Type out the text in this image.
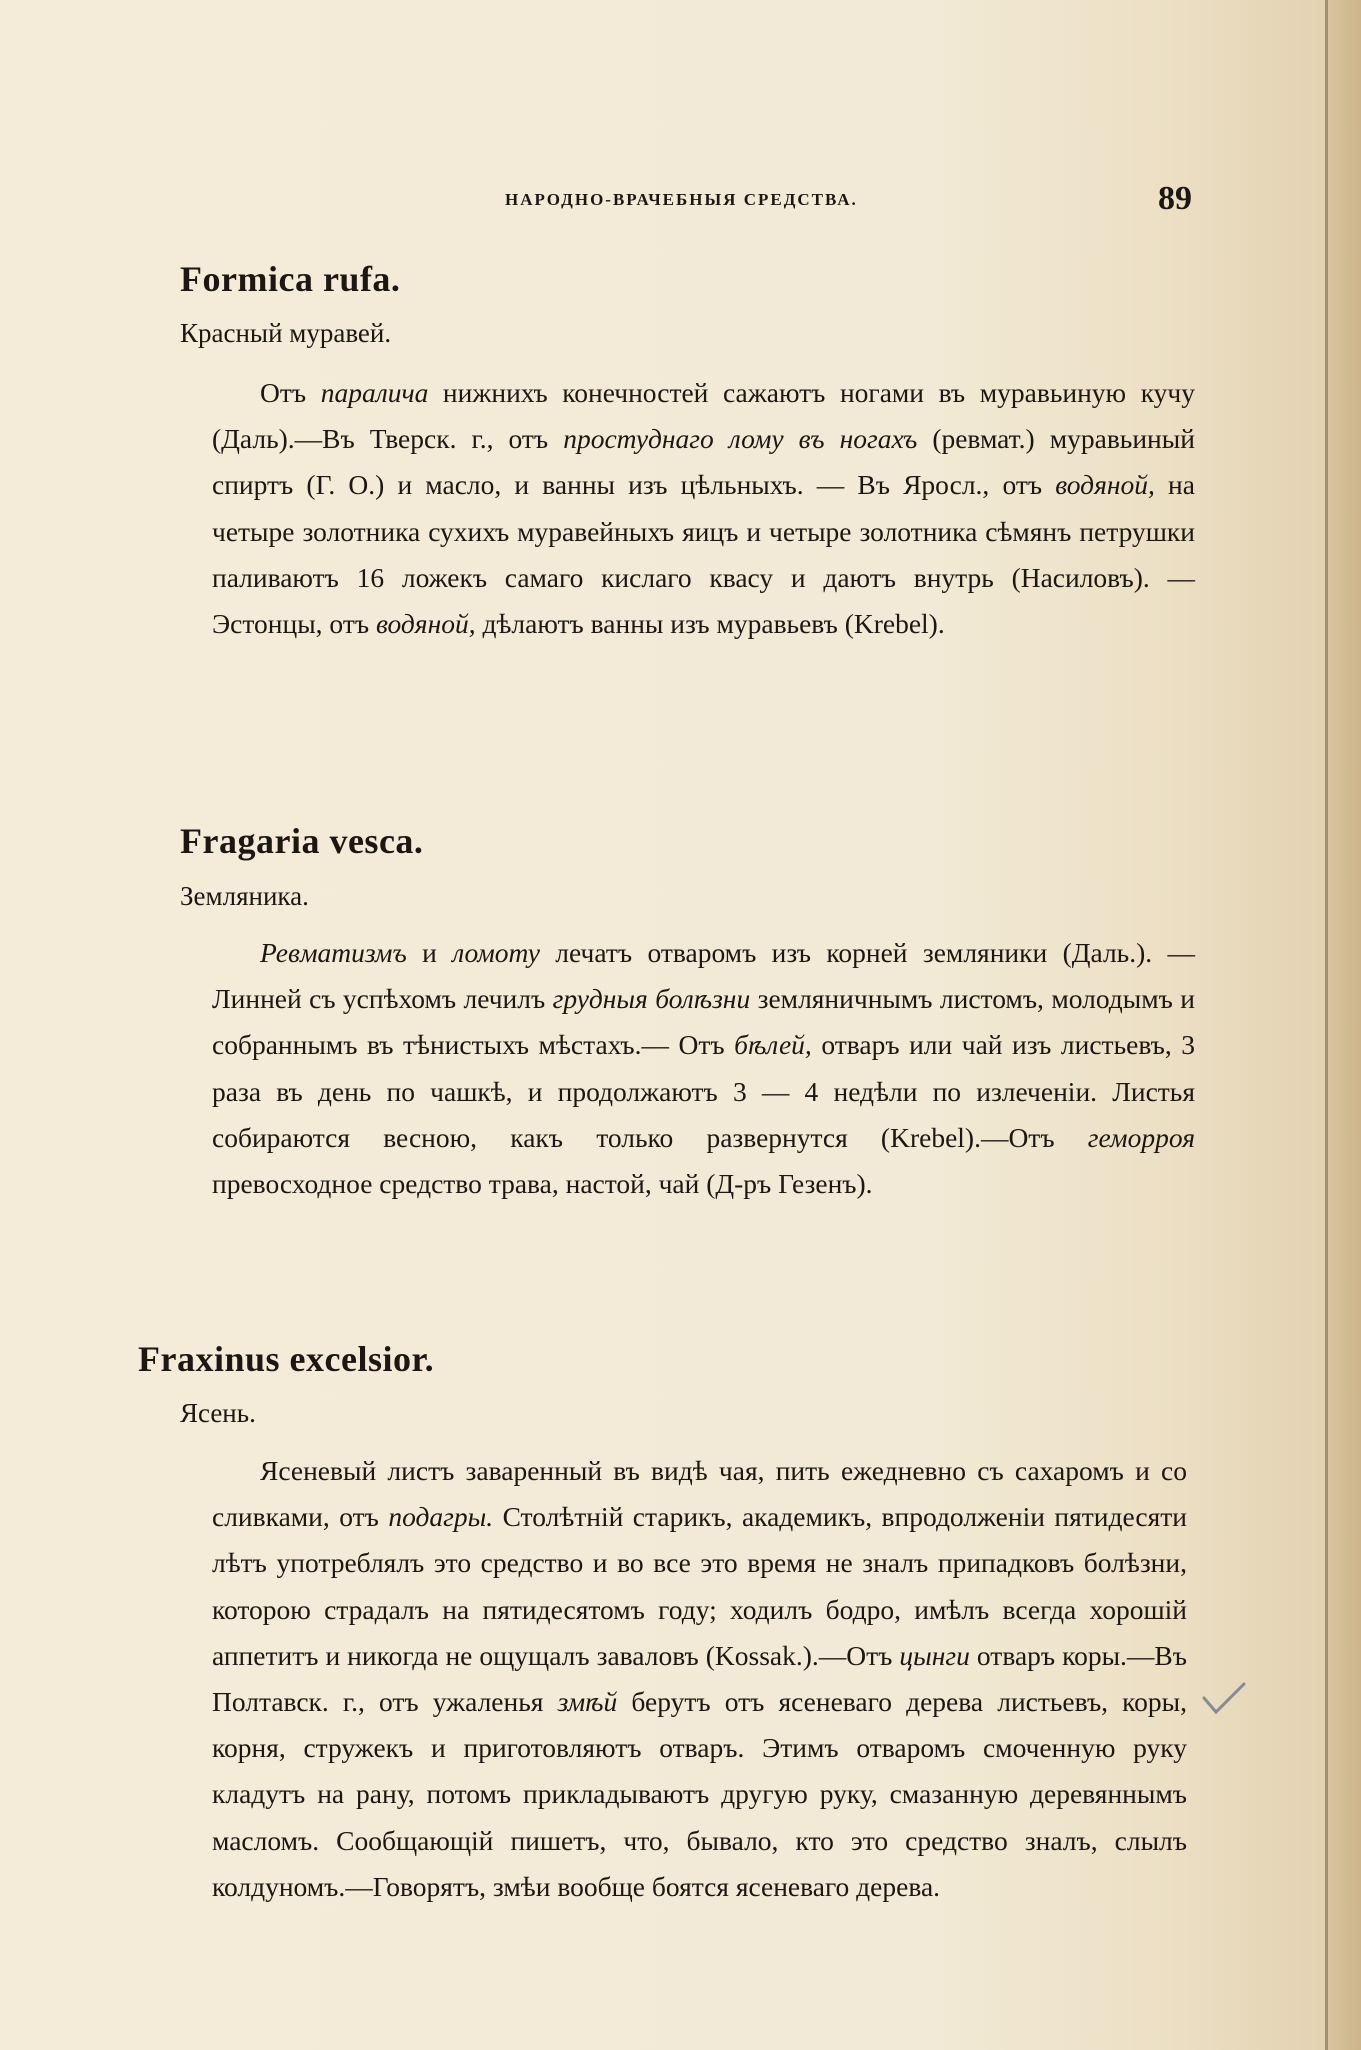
НАРОДНО-ВРАЧЕБНЫЯ СРЕДСТВА.	89
Formica rufa.
Красный муравей.
Отъ паралича нижнихъ конечностей сажаютъ ногами въ муравьиную кучу (Даль).—Въ Тверск. г., отъ простуднаго лому въ ногахъ (ревмат.) муравьиный спиртъ (Г. О.) и масло, и ванны изъ цѣльныхъ. — Въ Яросл., отъ водяной, на четыре золотника сухихъ муравейныхъ яицъ и четыре золотника сѣмянъ петрушки паливаютъ 16 ложекъ самаго кислаго квасу и даютъ внутрь (Насиловъ). — Эстонцы, отъ водяной, дѣлаютъ ванны изъ муравьевъ (Krebel).
Fragaria vesca.
Земляника.
Ревматизмъ и ломоту лечатъ отваромъ изъ корней земляники (Даль.). — Линней съ успѣхомъ лечилъ грудныя болѣзни земляничнымъ листомъ, молодымъ и собраннымъ въ тѣнистыхъ мѣстахъ.— Отъ бѣлей, отваръ или чай изъ листьевъ, 3 раза въ день по чашкѣ, и продолжаютъ 3 — 4 недѣли по излеченіи. Листья собираются весною, какъ только развернутся (Krebel).—Отъ геморроя превосходное средство трава, настой, чай (Д-ръ Гезенъ).
Fraxinus excelsior.
Ясень.
Ясеневый листъ заваренный въ видѣ чая, пить ежедневно съ сахаромъ и со сливками, отъ подагры. Столѣтній старикъ, академикъ, впродолженіи пятидесяти лѣтъ употреблялъ это средство и во все это время не зналъ припадковъ болѣзни, которою страдалъ на пятидесятомъ году; ходилъ бодро, имѣлъ всегда хорошій аппетитъ и никогда не ощущалъ заваловъ (Kossak.).—Отъ цынги отваръ коры.—Въ Полтавск. г., отъ ужаленья змѣй берутъ отъ ясеневаго дерева листьевъ, коры, корня, стружекъ и приготовляютъ отваръ. Этимъ отваромъ смоченную руку кладутъ на рану, потомъ прикладываютъ другую руку, смазанную деревяннымъ масломъ. Сообщающій пишетъ, что, бывало, кто это средство зналъ, слылъ колдуномъ.—Говорятъ, змѣи вообще боятся ясеневаго дерева.
